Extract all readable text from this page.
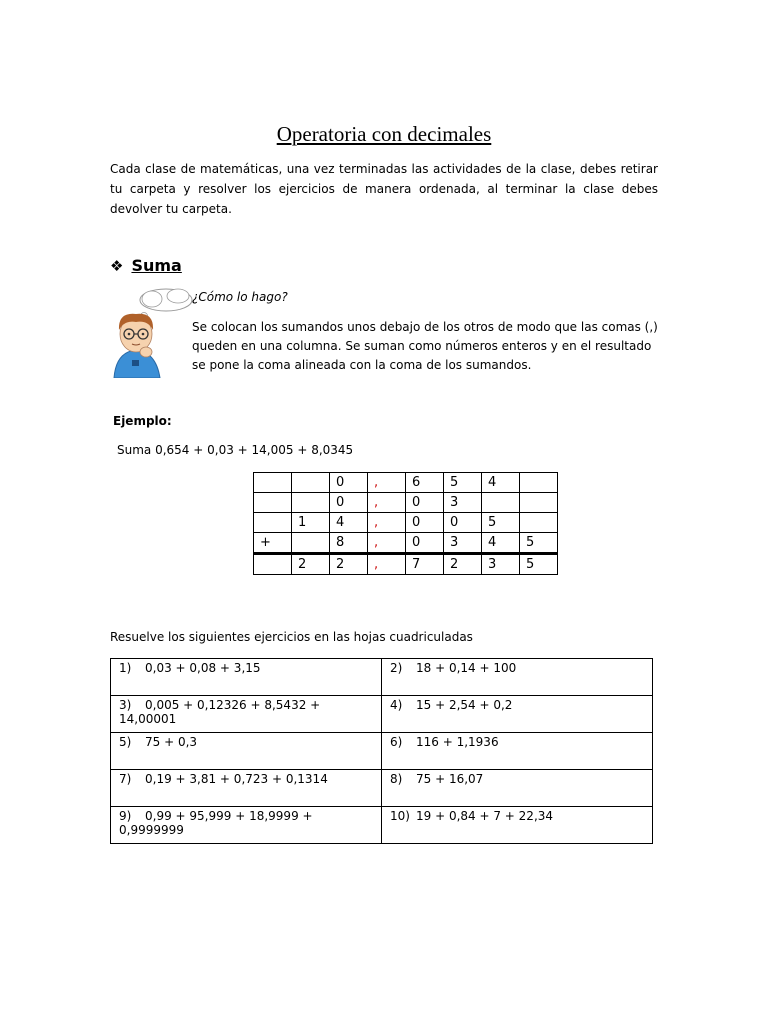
Operatoria con decimales
Cada clase de matemáticas, una vez terminadas las actividades de la clase, debes retirar tu carpeta y resolver los ejercicios de manera ordenada, al terminar la clase debes devolver tu carpeta.
❖ Suma
¿Cómo lo hago?
Se colocan los sumandos unos debajo de los otros de modo que las comas (,) queden en una columna. Se suman como números enteros y en el resultado se pone la coma alineada con la coma de los sumandos.
Ejemplo:
Suma 0,654 + 0,03 + 14,005 + 8,0345
		0	,	6	5	4	
		0	,	0	3		
	1	4	,	0	0	5	
+		8	,	0	3	4	5
	2	2	,	7	2	3	5
Resuelve los siguientes ejercicios en las hojas cuadriculadas
1) 0,03 + 0,08 + 3,15	2) 18 + 0,14 + 100
3) 0,005 + 0,12326 + 8,5432 + 14,00001	4) 15 + 2,54 + 0,2
5) 75 + 0,3	6) 116 + 1,1936
7) 0,19 + 3,81 + 0,723 + 0,1314	8) 75 + 16,07
9) 0,99 + 95,999 + 18,9999 + 0,9999999	10) 19 + 0,84 + 7 + 22,34
